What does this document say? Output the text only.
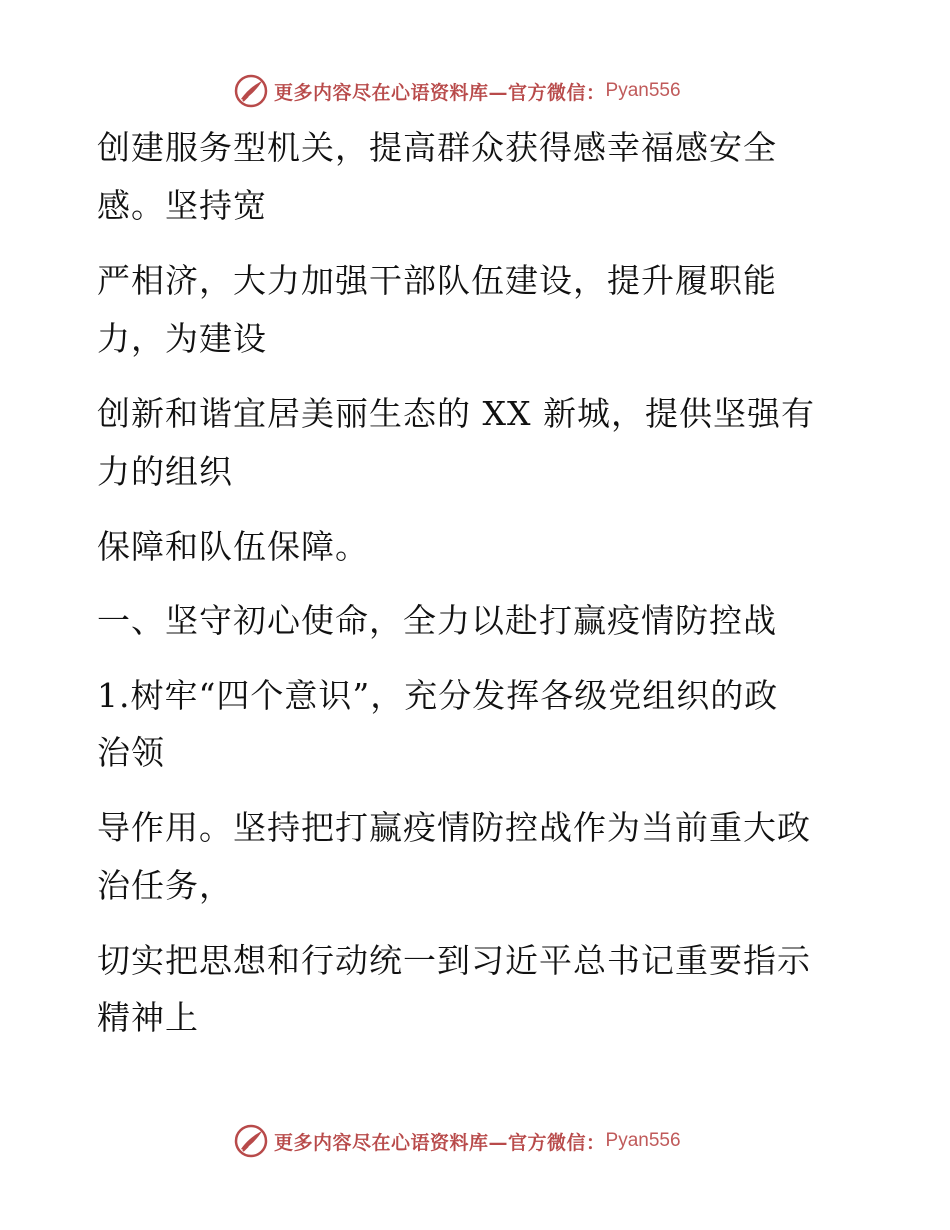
更多内容尽在心语资料库—官方微信： Pyan556
创建服务型机关，提高群众获得感幸福感安全
感。坚持宽
严相济，大力加强干部队伍建设，提升履职能
力，为建设
创新和谐宜居美丽生态的 XX 新城，提供坚强有
力的组织
保障和队伍保障。
一、坚守初心使命，全力以赴打赢疫情防控战
1.树牢“四个意识”，充分发挥各级党组织的政
治领
导作用。坚持把打赢疫情防控战作为当前重大政
治任务，
切实把思想和行动统一到习近平总书记重要指示
精神上
更多内容尽在心语资料库—官方微信： Pyan556
